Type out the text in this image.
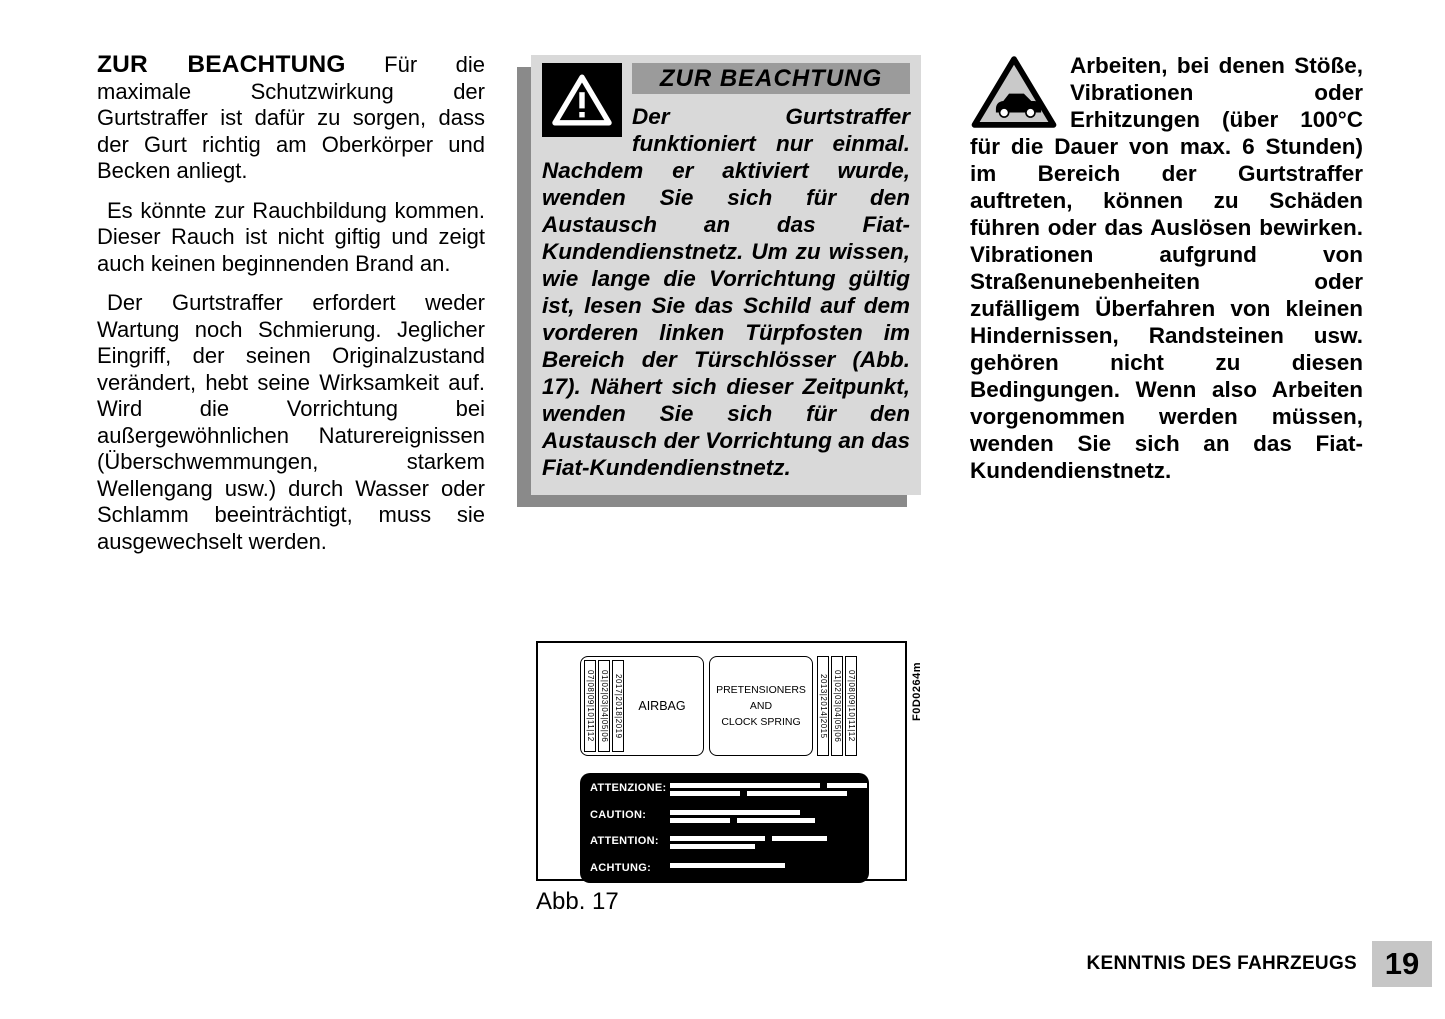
ZUR BEACHTUNG Für die maximale Schutzwirkung der Gurtstraffer ist dafür zu sorgen, dass der Gurt richtig am Oberkörper und Becken anliegt.

Es könnte zur Rauchbildung kommen. Dieser Rauch ist nicht giftig und zeigt auch keinen beginnenden Brand an.

Der Gurtstraffer erfordert weder Wartung noch Schmierung. Jeglicher Eingriff, der seinen Originalzustand verändert, hebt seine Wirksamkeit auf. Wird die Vorrichtung bei außergewöhnlichen Naturereignissen (Überschwemmungen, starkem Wellengang usw.) durch Wasser oder Schlamm beeinträchtigt, muss sie ausgewechselt werden.

ZUR BEACHTUNG
Der Gurtstraffer funktioniert nur einmal. Nachdem er aktiviert wurde, wenden Sie sich für den Austausch an das Fiat-Kundendienstnetz. Um zu wissen, wie lange die Vorrichtung gültig ist, lesen Sie das Schild auf dem vorderen linken Türpfosten im Bereich der Türschlösser (Abb. 17). Nähert sich dieser Zeitpunkt, wenden Sie sich für den Austausch der Vorrichtung an das Fiat-Kundendienstnetz.
Arbeiten, bei denen Stöße, Vibrationen oder Erhitzungen (über 100°C für die Dauer von max. 6 Stunden) im Bereich der Gurtstraffer auftreten, können zu Schäden führen oder das Auslösen bewirken. Vibrationen aufgrund von Straßenunebenheiten oder zufälligem Überfahren von kleinen Hindernissen, Randsteinen usw. gehören nicht zu diesen Bedingungen. Wenn also Arbeiten vorgenommen werden müssen, wenden Sie sich an das Fiat-Kundendienstnetz.
07|08|09|10|11|12 01|02|03|04|05|06 2017|2018|2019	AIRBAG
PRETENSIONERS
AND
CLOCK SPRING 2013|2014|2015 01|02|03|04|05|06 07|08|09|10|11|12
ATTENZIONE:
CAUTION:
ATTENTION:
ACHTUNG:
F0D0264m
Abb. 17
KENNTNIS DES FAHRZEUGS 19
